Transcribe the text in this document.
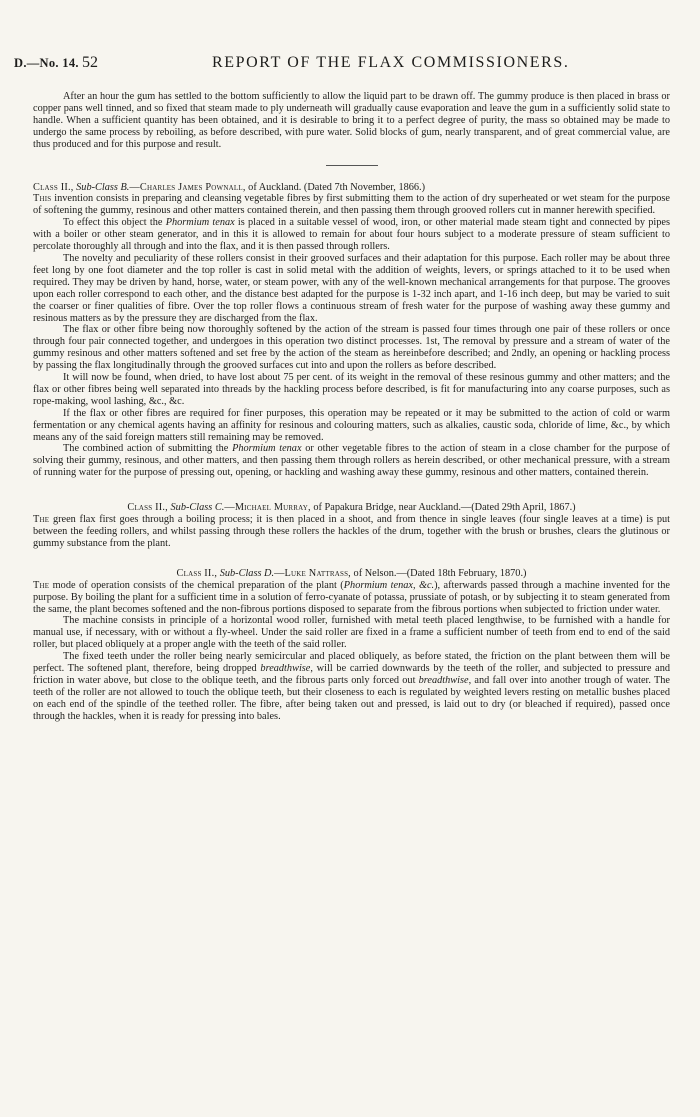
D.—No. 14. 52	REPORT OF THE FLAX COMMISSIONERS.

After an hour the gum has settled to the bottom sufficiently to allow the liquid part to be drawn off. The gummy produce is then placed in brass or copper pans well tinned, and so fixed that steam made to ply underneath will gradually cause evaporation and leave the gum in a sufficiently solid state to handle. When a sufficient quantity has been obtained, and it is desirable to bring it to a perfect degree of purity, the mass so obtained may be made to undergo the same process by reboiling, as before described, with pure water. Solid blocks of gum, nearly transparent, and of great commercial value, are thus produced and for this purpose and result.

Class II., Sub-Class B.—Charles James Pownall, of Auckland. (Dated 7th November, 1866.)

This invention consists in preparing and cleansing vegetable fibres by first submitting them to the action of dry superheated or wet steam for the purpose of softening the gummy, resinous and other matters contained therein, and then passing them through grooved rollers cut in manner herewith specified.

To effect this object the Phormium tenax is placed in a suitable vessel of wood, iron, or other material made steam tight and connected by pipes with a boiler or other steam generator, and in this it is allowed to remain for about four hours subject to a moderate pressure of steam sufficient to percolate thoroughly all through and into the flax, and it is then passed through rollers.

The novelty and peculiarity of these rollers consist in their grooved surfaces and their adaptation for this purpose. Each roller may be about three feet long by one foot diameter and the top roller is cast in solid metal with the addition of weights, levers, or springs attached to it to be used when required. They may be driven by hand, horse, water, or steam power, with any of the well-known mechanical arrangements for that purpose. The grooves upon each roller correspond to each other, and the distance best adapted for the purpose is 1-32 inch apart, and 1-16 inch deep, but may be varied to suit the coarser or finer qualities of fibre. Over the top roller flows a continuous stream of fresh water for the purpose of washing away these gummy and resinous matters as by the pressure they are discharged from the flax.

The flax or other fibre being now thoroughly softened by the action of the stream is passed four times through one pair of these rollers or once through four pair connected together, and undergoes in this operation two distinct processes. 1st, The removal by pressure and a stream of water of the gummy resinous and other matters softened and set free by the action of the steam as hereinbefore described; and 2ndly, an opening or hackling process by passing the flax longitudinally through the grooved surfaces cut into and upon the rollers as before described.

It will now be found, when dried, to have lost about 75 per cent. of its weight in the removal of these resinous gummy and other matters; and the flax or other fibres being well separated into threads by the hackling process before described, is fit for manufacturing into any coarse purposes, such as rope-making, wool lashing, &c., &c.

If the flax or other fibres are required for finer purposes, this operation may be repeated or it may be submitted to the action of cold or warm fermentation or any chemical agents having an affinity for resinous and colouring matters, such as alkalies, caustic soda, chloride of lime, &c., by which means any of the said foreign matters still remaining may be removed.

The combined action of submitting the Phormium tenax or other vegetable fibres to the action of steam in a close chamber for the purpose of solving their gummy, resinous, and other matters, and then passing them through rollers as herein described, or other mechanical pressure, with a stream of running water for the purpose of pressing out, opening, or hackling and washing away these gummy, resinous and other matters, contained therein.

Class II., Sub-Class C.—Michael Murray, of Papakura Bridge, near Auckland.—(Dated 29th April, 1867.)

The green flax first goes through a boiling process; it is then placed in a shoot, and from thence in single leaves (four single leaves at a time) is put between the feeding rollers, and whilst passing through these rollers the hackles of the drum, together with the brush or brushes, clears the glutinous or gummy substance from the plant.

Class II., Sub-Class D.—Luke Nattrass, of Nelson.—(Dated 18th February, 1870.)

The mode of operation consists of the chemical preparation of the plant (Phormium tenax, &c.), afterwards passed through a machine invented for the purpose. By boiling the plant for a sufficient time in a solution of ferro-cyanate of potassa, prussiate of potash, or by subjecting it to steam generated from the same, the plant becomes softened and the non-fibrous portions disposed to separate from the fibrous portions when subjected to friction under water.

The machine consists in principle of a horizontal wood roller, furnished with metal teeth placed lengthwise, to be furnished with a handle for manual use, if necessary, with or without a fly-wheel. Under the said roller are fixed in a frame a sufficient number of teeth from end to end of the said roller, but placed obliquely at a proper angle with the teeth of the said roller.

The fixed teeth under the roller being nearly semicircular and placed obliquely, as before stated, the friction on the plant between them will be perfect. The softened plant, therefore, being dropped breadthwise, will be carried downwards by the teeth of the roller, and subjected to pressure and friction in water above, but close to the oblique teeth, and the fibrous parts only forced out breadthwise, and fall over into another trough of water. The teeth of the roller are not allowed to touch the oblique teeth, but their closeness to each is regulated by weighted levers resting on metallic bushes placed on each end of the spindle of the teethed roller. The fibre, after being taken out and pressed, is laid out to dry (or bleached if required), passed once through the hackles, when it is ready for pressing into bales.
